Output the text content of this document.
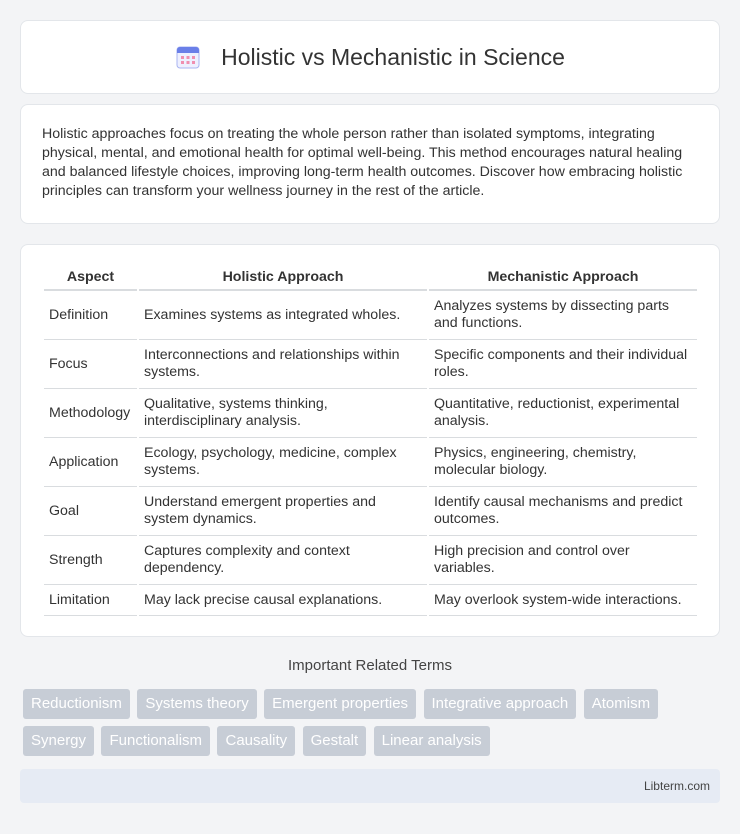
Holistic vs Mechanistic in Science

Holistic approaches focus on treating the whole person rather than isolated symptoms, integrating physical, mental, and emotional health for optimal well-being. This method encourages natural healing and balanced lifestyle choices, improving long-term health outcomes. Discover how embracing holistic principles can transform your wellness journey in the rest of the article.

Aspect	Holistic Approach	Mechanistic Approach
Definition	Examines systems as integrated wholes.	Analyzes systems by dissecting parts and functions.
Focus	Interconnections and relationships within systems.	Specific components and their individual roles.
Methodology	Qualitative, systems thinking, interdisciplinary analysis.	Quantitative, reductionist, experimental analysis.
Application	Ecology, psychology, medicine, complex systems.	Physics, engineering, chemistry, molecular biology.
Goal	Understand emergent properties and system dynamics.	Identify causal mechanisms and predict outcomes.
Strength	Captures complexity and context dependency.	High precision and control over variables.
Limitation	May lack precise causal explanations.	May overlook system-wide interactions.
Important Related Terms
Reductionism Systems theory Emergent properties Integrative approach Atomism Synergy Functionalism Causality Gestalt Linear analysis
Libterm.com
